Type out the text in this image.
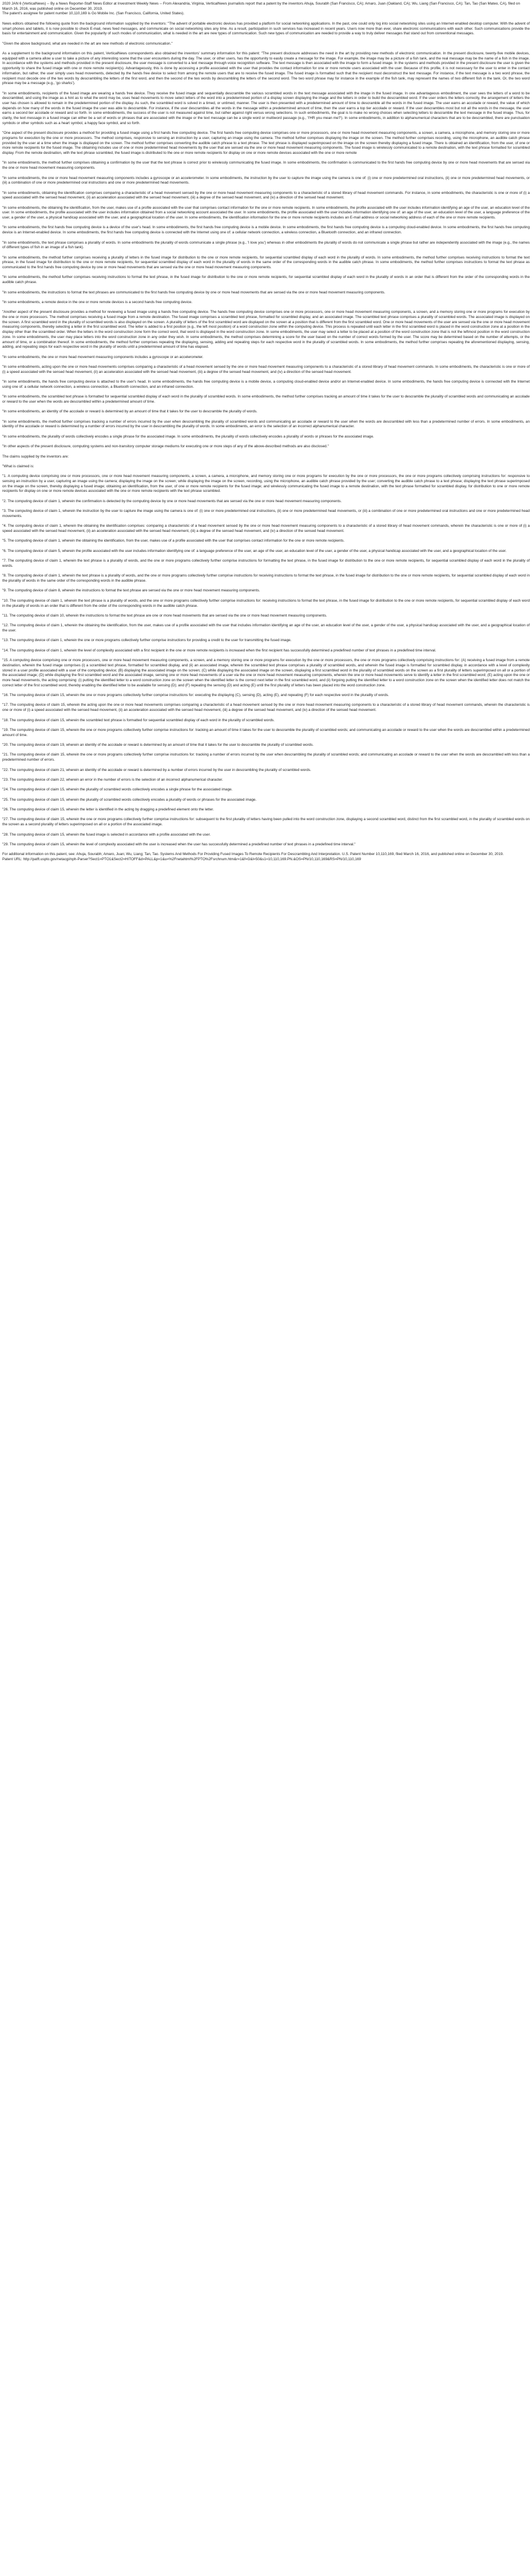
2020 JAN 6 (VerticalNews) -- By a News Reporter-Staff News Editor at Investment Weekly News -- From Alexandria, Virginia, VerticalNews journalists report that a patent by the inventors Ahuja, Sourabh (San Francisco, CA); Amaro, Juan (Oakland, CA); Wu, Liang (San Francisco, CA); Tan, Tao (San Mateo, CA), filed on March 16, 2016, was published online on December 30, 2019.

The patent's assignee for patent number 10,110,169 is Go Mobile Inc. (San Francisco, California, United States).

News editors obtained the following quote from the background information supplied by the inventors: "The advent of portable electronic devices has provided a platform for social networking applications. In the past, one could only log into social networking sites using an Internet-enabled desktop computer. With the advent of smart phones and tablets, it is now possible to check E-mail, news feed messages, and communicate on social networking sites any time. As a result, participation in such services has increased in recent years. Users now more than ever, share electronic communications with each other. Such communications provide the basis for entertainment and communication. Given the popularity of such modes of communication, what is needed in the art are new types of communication. Such new types of communication are needed to provide a way to truly deliver messages that stand out from conventional messages.

"Given the above background, what are needed in the art are new methods of electronic communication."

As a supplement to the background information on this patent, VerticalNews correspondents also obtained the inventors' summary information for this patent: "The present disclosure addresses the need in the art by providing new methods of electronic communication. In the present disclosure, twenty-five mobile devices, equipped with a camera allow a user to take a picture of any interesting scene that the user encounters during the day. The user, or other users, has the opportunity to easily create a message for the image. For example, the image may be a picture of a fish tank, and the real message may be the name of a fish in the image. In accordance with the systems and methods provided in the present disclosure, the user message is converted to a text message through voice recognition software. The text message is then associated with the image to form a fused image. In the systems and methods provided in the present disclosure the user is given the opportunity to share the fused image with one or more remote recipient(s). Advantageously, this is done by accessing a profile associated with the user that provides the contact information for one or more remote users associated with the user. Because of this profile, it is not necessary for the user to enter in the contact information, but rather, the user simply uses head movements, detected by the hands free device to select from among the remote users that are to receive the fused image. The fused image is formatted such that the recipient must deconstruct the text message. For instance, if the text message is a two word phrase, the recipient must decode one of the two words by descrambling the letters of the first word, and then the second of the two words by descrambling the letters of the second word. The two word phrase may for instance in the example of the fish tank, may represent the names of two different fish in the tank. Or, the two word phrase may be a message (e.g., 'go sharks').

"In some embodiments, recipients of the fused image are wearing a hands free device. They receive the fused image and sequentially descramble the various scrambled words in the text message associated with the image in the fused image. In one advantageous embodiment, the user sees the letters of a word to be descrambled, and using the image as a hint as to what the word may be, uses head movements to move select letters of the word into a predetermined portion of a display screen displaying the image and the letters in order to build the descrambled word. If the user orders the letters correctly, the arrangement of letters the user has chosen is allowed to remain in the predetermined portion of the display. As such, the scrambled word is solved in a timed, or untimed, manner. The user is then presented with a predetermined amount of time to descramble all the words in the fused image. The user earns an accolade or reward, the value of which depends on how many of the words in the fused image the user was able to descramble. For instance, if the user descrambles all the words in the message within a predetermined amount of time, then the user earns a top tier accolade or reward. If the user descrambles most but not all the words in the message, the user earns a second tier accolade or reward and so forth. In some embodiments, the success of the user is not measured against time, but rather against right versus wrong selections. In such embodiments, the goal is to make no wrong choices when selecting letters to descramble the text message in the fused image. Thus, for clarity, the text message in a fused image can either be a set of words or phrases that are associated with the image or the text message can be a single word or multiword passage (e.g., 'I'HR you mean me?'). In some embodiments, in addition to alphanumerical characters that are to be descrambled, there are punctuation symbols or other symbols such as a heart symbol, a happy face symbol, and so forth.

"One aspect of the present disclosure provides a method for providing a fused image using a first hands free computing device. The first hands free computing device comprises one or more processors, one or more head movement measuring components, a screen, a camera, a microphone, and memory storing one or more programs for execution by the one or more processors. The method comprises, responsive to sensing an instruction by a user, capturing an image using the camera. The method further comprises displaying the image on the screen. The method further comprises recording, using the microphone, an audible catch phrase provided by the user at a time when the image is displayed on the screen. The method further comprises converting the audible catch phrase to a text phrase. The text phrase is displayed superimposed on the image on the screen thereby displaying a fused image. There is obtained an identification, from the user, of one or more remote recipients for the fused image. The obtaining includes use of one or more predetermined head movements by the user that are sensed via the one or more head movement measuring components. The fused image is wirelessly communicated to a remote destination, with the text phrase formatted for scrambled display. From the remote destination, with the text phrase scrambled, the fused image is distributed to the one or more remote recipients for display on one or more remote devices associated with the one or more remote

"In some embodiments, the method further comprises obtaining a confirmation by the user that the text phrase is correct prior to wirelessly communicating the fused image. In some embodiments, the confirmation is communicated to the first hands free computing device by one or more head movements that are sensed via the one or more head movement measuring components.

"In some embodiments, the one or more head movement measuring components includes a gyroscope or an accelerometer. In some embodiments, the instruction by the user to capture the image using the camera is one of: (i) one or more predetermined oral instructions, (ii) one or more predetermined head movements, or (iii) a combination of one or more predetermined oral instructions and one or more predetermined head movements.

"In some embodiments, obtaining the identification comprises comparing a characteristic of a head movement sensed by the one or more head movement measuring components to a characteristic of a stored library of head movement commands. For instance, in some embodiments, the characteristic is one or more of (i) a speed associated with the sensed head movement, (ii) an acceleration associated with the sensed head movement, (iii) a degree of the sensed head movement, and (iv) a direction of the sensed head movement.

"In some embodiments, the obtaining the identification, from the user, makes use of a profile associated with the user that comprises contact information for the one or more remote recipients. In some embodiments, the profile associated with the user includes information identifying an age of the user, an education level of the user. In some embodiments, the profile associated with the user includes information obtained from a social networking account associated the user. In some embodiments, the profile associated with the user includes information identifying one of: an age of the user, an education level of the user, a language preference of the user, a gender of the user, a physical handicap associated with the user, and a geographical location of the user. In some embodiments, the identification information for the one or more remote recipients includes an E-mail address or social networking address of each of the one or more remote recipients.

"In some embodiments, the first hands free computing device is a device of the user's head. In some embodiments, the first hands free computing device is a mobile device. In some embodiments, the first hands free computing device is a computing cloud-enabled device. In some embodiments, the first hands free computing device is an Internet-enabled device. In some embodiments, the first hands free computing device is connected with the Internet using one of: a cellular network connection, a wireless connection, a Bluetooth connection, and an infrared connection.

"In some embodiments, the text phrase comprises a plurality of words. In some embodiments the plurality of words communicate a single phrase (e.g., 'I love you') whereas in other embodiments the plurality of words do not communicate a single phrase but rather are independently associated with the image (e.g., the names of different types of fish in an image of a fish tank).

"In some embodiments, the method further comprises receiving a plurality of letters in the fused image for distribution to the one or more remote recipients, for sequential scrambled display of each word in the plurality of words. In some embodiments, the method further comprises receiving instructions to format the text phrase, in the fused image for distribution to the one or more remote recipients, for sequential scrambled display of each word in the plurality of words in the same order of the corresponding words in the audible catch phrase. In some embodiments, the method further comprises instructions to format the text phrase as communicated to the first hands free computing device by one or more head movements that are sensed via the one or more head movement measuring components.

"In some embodiments, the method further comprises receiving instructions to format the text phrase, in the fused image for distribution to the one or more remote recipients, for sequential scrambled display of each word in the plurality of words in an order that is different from the order of the corresponding words in the audible catch phrase.

"In some embodiments, the instructions to format the text phrases are communicated to the first hands free computing device by one or more head movements that are sensed via the one or more head movement measuring components.

"In some embodiments, a remote device in the one or more remote devices is a second hands free computing device.

"Another aspect of the present disclosure provides a method for reviewing a fused image using a hands free computing device. The hands free computing device comprises one or more processors, one or more head movement measuring components, a screen, and a memory storing one or more programs for execution by the one or more processors. The method comprises receiving a fused image from a remote destination. The fused image comprises a scrambled text phrase, formatted for scrambled display, and an associated image. The scrambled text phrase comprises a plurality of scrambled words. The associated image is displayed on the screen. A first scrambled word in the plurality of scrambled words is also displayed on the screen. A plurality of letters of the first scrambled word are displayed on the screen at a position that is different from the first scrambled word. One or more head movements of the user are sensed via the one or more head movement measuring components, thereby selecting a letter in the first scrambled word. The letter is added to a first position (e.g., the left most position) of a word construction zone within the computing device. This process is repeated until each letter in the first scrambled word is placed in the word construction zone at a position in the display other than the scrambled order. When the letters in the word construction zone form the correct word, that word is displayed in the word construction zone. In some embodiments, the user may select a letter to be placed at a position of the word construction zone that is not the leftmost position in the word construction zone. In some embodiments, the user may place letters into the word construction zone in any order they wish. In some embodiments, the method comprises determining a score for the user based on the number of correct words formed by the user. The score may be determined based on the number of attempts, or the amount of time, or a combination thereof. In some embodiments, the method further comprises repeating the displaying, sensing, adding and repeating steps for each respective word in the plurality of scrambled words. In some embodiments, the method further comprises repeating the aforementioned displaying, sensing, adding, and repeating steps for each respective word in the plurality of words until a predetermined amount of time has elapsed.

"In some embodiments, the one or more head movement measuring components includes a gyroscope or an accelerometer.

"In some embodiments, acting upon the one or more head movements comprises comparing a characteristic of a head movement sensed by the one or more head movement measuring components to a characteristic of a stored library of head movement commands. In some embodiments, the characteristic is one or more of (i) a speed associated with the sensed head movement, (ii) an acceleration associated with the sensed head movement, (iii) a degree of the sensed head movement, and (iv) a direction of the sensed head movement.

"In some embodiments, the hands free computing device is attached to the user's head. In some embodiments, the hands free computing device is a mobile device, a computing cloud-enabled device and/or an Internet-enabled device. In some embodiments, the hands free computing device is connected with the Internet using one of: a cellular network connection, a wireless connection, a Bluetooth connection, and an infrared connection.

"In some embodiments, the scrambled text phrase is formatted for sequential scrambled display of each word in the plurality of scrambled words. In some embodiments, the method further comprises tracking an amount of time it takes for the user to descramble the plurality of scrambled words and communicating an accolade or reward to the user when the words are descrambled within a predetermined amount of time.

"In some embodiments, an identity of the accolade or reward is determined by an amount of time that it takes for the user to descramble the plurality of words.

"In some embodiments, the method further comprises tracking a number of errors incurred by the user when descrambling the plurality of scrambled words and communicating an accolade or reward to the user when the words are descrambled with less than a predetermined number of errors. In some embodiments, an identity of the accolade or reward is determined by a number of errors incurred by the user in descrambling the plurality of words. In some embodiments, an error is the selection of an incorrect alphanumerical character.

"In some embodiments, the plurality of words collectively encodes a single phrase for the associated image. In some embodiments, the plurality of words collectively encodes a plurality of words or phrases for the associated image.

"In other aspects of the present disclosure, computing systems and non-transitory computer storage mediums for executing one or more steps of any of the above-described methods are also disclosed."

The claims supplied by the inventors are:

"What is claimed is:

"1. A computing device comprising one or more processors, one or more head movement measuring components, a screen, a camera, a microphone, and memory storing one or more programs for execution by the one or more processors, the one or more programs collectively comprising instructions for: responsive to sensing an instruction by a user, capturing an image using the camera; displaying the image on the screen; while displaying the image on the screen, recording, using the microphone, an audible catch phrase provided by the user; converting the audible catch phrase to a text phrase; displaying the text phrase superimposed on the image on the screen, thereby displaying a fused image; obtaining an identification, from the user, of one or more remote recipients for the fused image; and wirelessly communicating the fused image to a remote destination, with the text phrase formatted for scrambled display, for distribution to one or more remote recipients for display on one or more remote devices associated with the one or more remote recipients with the text phrase scrambled.

"2. The computing device of claim 1, wherein the confirmation is detected by the computing device by one or more head movements that are sensed via the one or more head movement measuring components.

"3. The computing device of claim 1, wherein the instruction by the user to capture the image using the camera is one of: (i) one or more predetermined oral instructions, (ii) one or more predetermined head movements, or (iii) a combination of one or more predetermined oral instructions and one or more predetermined head movements.

"4. The computing device of claim 1, wherein the obtaining the identification comprises: comparing a characteristic of a head movement sensed by the one or more head movement measuring components to a characteristic of a stored library of head movement commands, wherein the characteristic is one or more of (i) a speed associated with the sensed head movement, (ii) an acceleration associated with the sensed head movement, (iii) a degree of the sensed head movement, and (iv) a direction of the sensed head movement.

"5. The computing device of claim 1, wherein the obtaining the identification, from the user, makes use of a profile associated with the user that comprises contact information for the one or more remote recipients.

"6. The computing device of claim 5, wherein the profile associated with the user includes information identifying one of: a language preference of the user, an age of the user, an education level of the user, a gender of the user, a physical handicap associated with the user, and a geographical location of the user.

"7. The computing device of claim 1, wherein the text phrase is a plurality of words, and the one or more programs collectively further comprise instructions for formatting the text phrase, in the fused image for distribution to the one or more remote recipients, for sequential scrambled display of each word in the plurality of words.

"8. The computing device of claim 1, wherein the text phrase is a plurality of words, and the one or more programs collectively further comprise instructions for receiving instructions to format the text phrase, in the fused image for distribution to the one or more remote recipients, for sequential scrambled display of each word in the plurality of words in the same order of the corresponding words in the audible phrase.

"9. The computing device of claim 8, wherein the instructions to format the text phrase are sensed via the one or more head movement measuring components.

"10. The computing device of claim 1, wherein the text phrase is a plurality of words, and the one or more programs collectively further comprise instructions for: receiving instructions to format the text phrase, in the fused image for distribution to the one or more remote recipients, for sequential scrambled display of each word in the plurality of words in an order that is different from the order of the corresponding words in the audible catch phrase.

"11. The computing device of claim 10, wherein the instructions to format the text phrase are one or more head movements that are sensed via the one or more head movement measuring components.

"12. The computing device of claim 1, wherein the obtaining the identification, from the user, makes use of a profile associated with the user that includes information identifying an age of the user, an education level of the user, a gender of the user, a physical handicap associated with the user, and a geographical location of the user.

"13. The computing device of claim 1, wherein the one or more programs collectively further comprise instructions for providing a credit to the user for transmitting the fused image.

"14. The computing device of claim 1, wherein the level of complexity associated with a first recipient in the one or more remote recipients is increased when the first recipient has successfully determined a predefined number of text phrases in a predefined time interval.

"15. A computing device comprising one or more processors, one or more head movement measuring components, a screen, and a memory storing one or more programs for execution by the one or more processors, the one or more programs collectively comprising instructions for: (A) receiving a fused image from a remote destination, wherein the fused image comprises (i) a scrambled text phrase, formatted for scrambled display, and (ii) an associated image, wherein the scrambled text phrase comprises a plurality of scrambled words, and wherein the fused image is formatted for scrambled display, in accordance with a level of complexity stored in a user profile associated with a user of the computing device; (B) displaying the associated image on the screen; (C) while displaying the associated image on the screen, displaying a first scrambled word in the plurality of scrambled words on the screen as a first plurality of letters superimposed on all or a portion of the associated image; (D) while displaying the first scrambled word and the associated image, sensing one or more head movements of a user via the one or more head movement measuring components, wherein the one or more head movements serve to identify a letter in the first scrambled word; (E) acting upon the one or more head movements, the acting comprising: (i) putting the identified letter to a word construction zone on the screen when the identified letter is the correct next letter in the first scrambled word, and (ii) forgoing putting the identified letter to a word construction zone on the screen when the identified letter does not match the correct letter of the first scrambled word, thereby enabling the identified letter to be available for sensing (D); and (F) repeating the sensing (D) and acting (E) until the first plurality of letters has been placed into the word construction zone.

"16. The computing device of claim 15, wherein the one or more programs collectively further comprise instructions for: executing the displaying (C), sensing (D), acting (E), and repeating (F) for each respective word in the plurality of words.

"17. The computing device of claim 15, wherein the acting upon the one or more head movements comprises comparing a characteristic of a head movement sensed by the one or more head movement measuring components to a characteristic of a stored library of head movement commands, wherein the characteristic is one or more of (i) a speed associated with the sensed head movement, (ii) an acceleration associated with the sensed head movement, (iii) a degree of the sensed head movement, and (iv) a direction of the sensed head movement.

"18. The computing device of claim 15, wherein the scrambled text phrase is formatted for sequential scrambled display of each word in the plurality of scrambled words.

"19. The computing device of claim 15, wherein the one or more programs collectively further comprise instructions for: tracking an amount of time it takes for the user to descramble the plurality of scrambled words; and communicating an accolade or reward to the user when the words are descrambled within a predetermined amount of time.

"20. The computing device of claim 19, wherein an identity of the accolade or reward is determined by an amount of time that it takes for the user to descramble the plurality of scrambled words.

"21. The computing device of claim 15, wherein the one or more programs collectively further comprise instructions for: tracking a number of errors incurred by the user when descrambling the plurality of scrambled words; and communicating an accolade or reward to the user when the words are descrambled with less than a predetermined number of errors.

"22. The computing device of claim 21, wherein an identity of the accolade or reward is determined by a number of errors incurred by the user in descrambling the plurality of scrambled words.

"23. The computing device of claim 22, wherein an error in the number of errors is the selection of an incorrect alphanumerical character.

"24. The computing device of claim 15, wherein the plurality of scrambled words collectively encodes a single phrase for the associated image.

"25. The computing device of claim 15, wherein the plurality of scrambled words collectively encodes a plurality of words or phrases for the associated image.

"26. The computing device of claim 15, wherein the letter is identified in the acting by dragging a predefined element onto the letter.

"27. The computing device of claim 15, wherein the one or more programs collectively further comprise instructions for: subsequent to the first plurality of letters having been pulled into the word construction zone, displaying a second scrambled word, distinct from the first scrambled word, in the plurality of scrambled words on the screen as a second plurality of letters superimposed on all or a portion of the associated image.

"28. The computing device of claim 15, wherein the fused image is selected in accordance with a profile associated with the user.

"29. The computing device of claim 15, wherein the level of complexity associated with the user is increased when the user has successfully determined a predefined number of text phrases in a predefined time interval."

For additional information on this patent, see: Ahuja, Sourabh; Amaro, Juan; Wu, Liang; Tan, Tao. Systems And Methods For Providing Fused Images To Remote Recipients For Descrambling And Interpretation. U.S. Patent Number 10,110,169, filed March 16, 2016, and published online on December 30, 2019.

Patent URL: http://patft.uspto.gov/netacgi/nph-Parser?Sect1=PTO1&Sect2=HITOFF&d=PALL&p=1&u=%2Fnetahtml%2FPTO%2Fsrchnum.htm&r=1&f=G&l=50&s1=10,110,169.PN.&OS=PN/10,110,169&RS=PN/10,110,169
